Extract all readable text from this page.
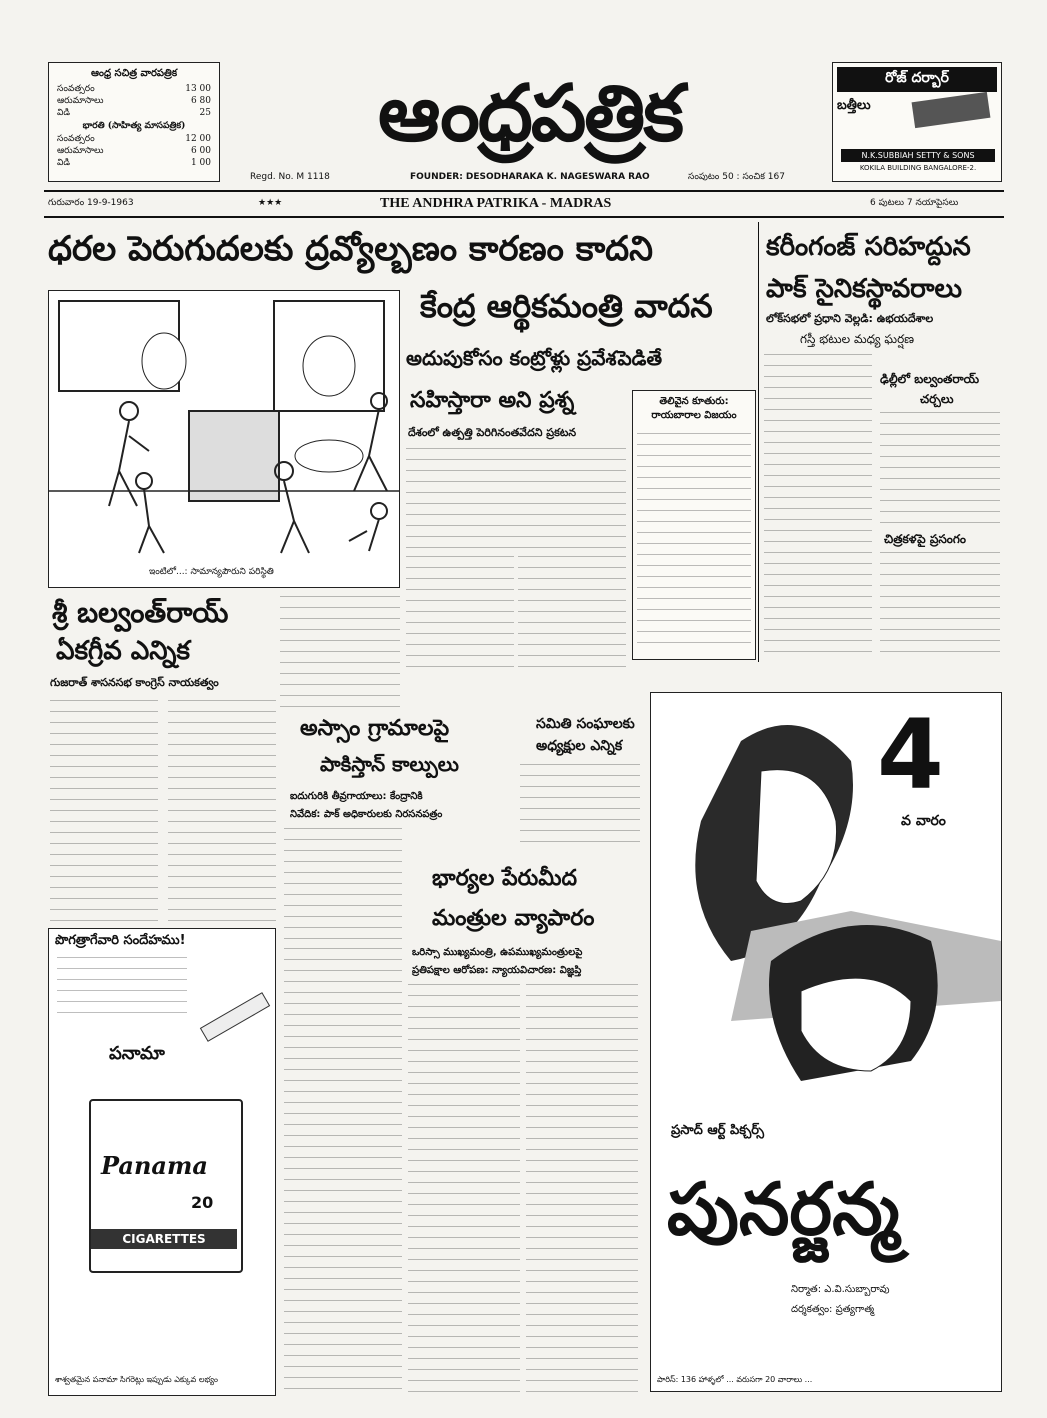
ఆంధ్ర సచిత్ర వారపత్రిక
సంవత్సరం	13 00
ఆరుమాసాలు	6 80
విడి	25
భారతి (సాహిత్య మాసపత్రిక)
సంవత్సరం	12 00
ఆరుమాసాలు	6 00
విడి	1 00
ఆంధ్రపత్రిక
Regd. No. M 1118	FOUNDER: DESODHARAKA K. NAGESWARA RAO	సంపుటం 50 : సంచిక 167
రోజ్ దర్బార్
బత్తీలు
N.K.SUBBIAH SETTY & SONS
KOKILA BUILDING BANGALORE-2.
గురువారం 19-9-1963	★★★	THE ANDHRA PATRIKA - MADRAS	6 పుటలు 7 నయాపైసలు
ధరల పెరుగుదలకు ద్రవ్యోల్బణం కారణం కాదని
కేంద్ర ఆర్థికమంత్రి వాదన
కరీంగంజ్ సరిహద్దున
పాక్ సైనికస్థావరాలు
లోక్‌సభలో ప్రధాని వెల్లడి: ఉభయదేశాల
గస్తీ భటుల మధ్య ఘర్షణ
ఇంటిలో...: సామాన్యపౌరుని పరిస్థితి
అదుపుకోసం కంట్రోళ్లు ప్రవేశపెడితే
సహిస్తారా అని ప్రశ్న
దేశంలో ఉత్పత్తి పెరిగినంతవేదని ప్రకటన
తెలివైన కూతురు: రాయబారాల విజయం
ఢిల్లీలో బల్వంతరాయ్
చర్చలు
చిత్రకళపై ప్రసంగం
శ్రీ బల్వంత్‌రాయ్
ఏకగ్రీవ ఎన్నిక
గుజరాత్ శాసనసభ కాంగ్రెస్ నాయకత్వం
అస్సాం గ్రామాలపై
పాకిస్తాన్ కాల్పులు
ఐదుగురికి తీవ్రగాయాలు: కేంద్రానికి
నివేదిక: పాక్ అధికారులకు నిరసనపత్రం
సమితి సంఘాలకు
అధ్యక్షుల ఎన్నిక
భార్యల పేరుమీద
మంత్రుల వ్యాపారం
ఒరిస్సా ముఖ్యమంత్రి, ఉపముఖ్యమంత్రులపై
ప్రతిపక్షాల ఆరోపణ: న్యాయవిచారణ: విజ్ఞప్తి
పొగత్రాగేవారి సందేహము!
పనామా
Panama
20
CIGARETTES
శాశ్వతమైన పనామా సిగరెట్లు ఇప్పుడు ఎక్కువ లభ్యం
4
వ వారం
ప్రసాద్ ఆర్ట్ పిక్చర్స్
పునర్జన్మ
నిర్మాత: ఎ.వి.సుబ్బారావు
దర్శకత్వం: ప్రత్యగాత్మ
పారిస్: 136 హాళ్ళలో ... వరుసగా 20 వారాలు ...
